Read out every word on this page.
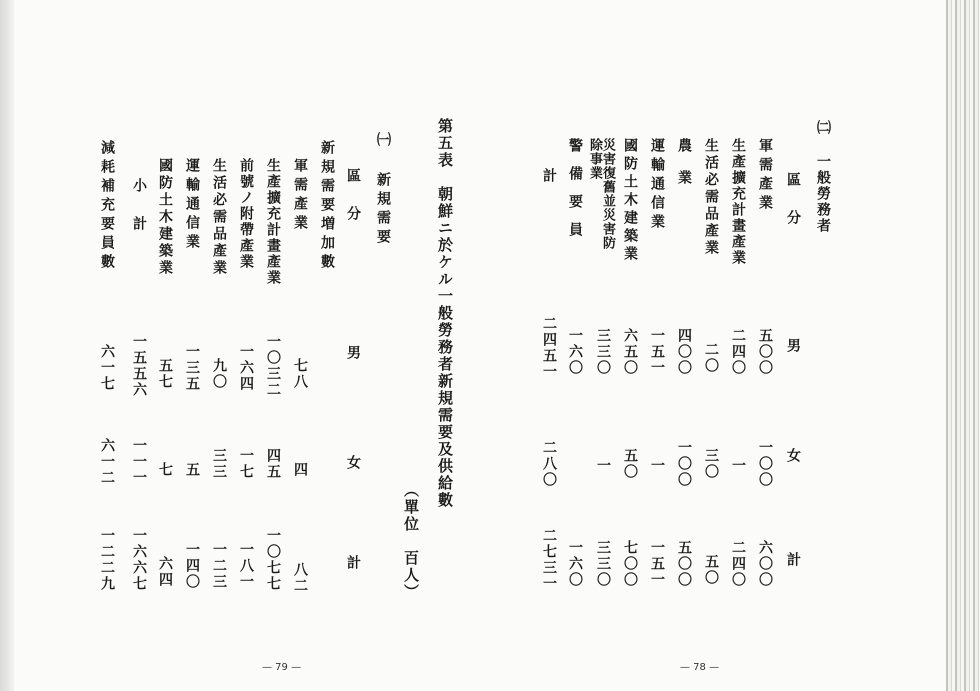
第五表　朝鮮ニ於ケル一般勞務者新規需要及供給數
（單位　百人）
㈠ 新規需要
區　分
男
女
計
新規需要増加數
軍需產業
生產擴充計畫產業
前號ノ附帶產業
生活必需品產業
運輸通信業
國防土木建築業
小　計
減耗補充要員數
七八
一〇三二
一六四
九〇
一三五
五七
一五五六
六一七
四
四五
一七
三三
五
七
一一一
六一二
八二
一〇七七
一八一
一二三
一四〇
六四
一六六七
一二二九
— 79 —
㈡ 一般勞務者
區　分
男
女
計
軍需產業
生產擴充計畫產業
生活必需品產業
農業
運輸通信業
國防土木建築業
災害復舊並災害防除事業
警備要員
計
五〇〇
二四〇
二〇
四〇〇
一五一
六五〇
三三〇
一六〇
二四五一
一〇〇
一
三〇
一〇〇
一
五〇
一
二八〇
六〇〇
二四〇
五〇
五〇〇
一五一
七〇〇
三三〇
一六〇
二七三一
— 78 —
